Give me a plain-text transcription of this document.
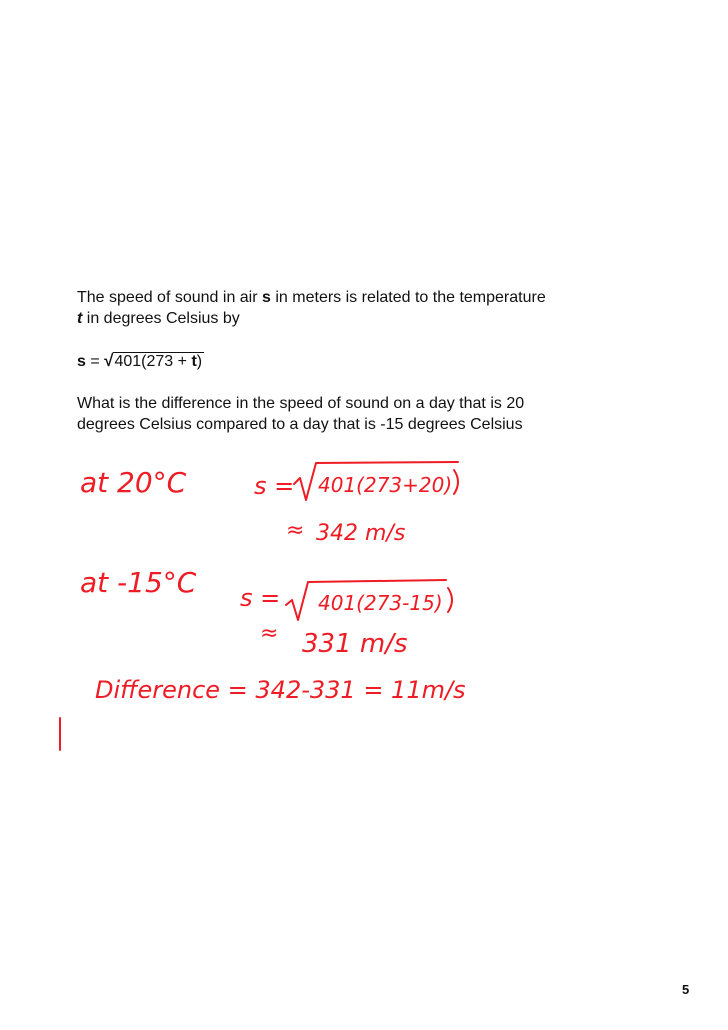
The speed of sound in air s in meters is related to the temperature

t in degrees Celsius by

s = √ 401(273 + t)

What is the difference in the speed of sound on a day that is 20

degrees Celsius compared to a day that is -15 degrees Celsius

at 20°C	s = 401(273+20)
≈ 342 m/s
at -15°C s = 401(273-15)
≈ 331 m/s
Difference = 342-331 = 11m/s
5
